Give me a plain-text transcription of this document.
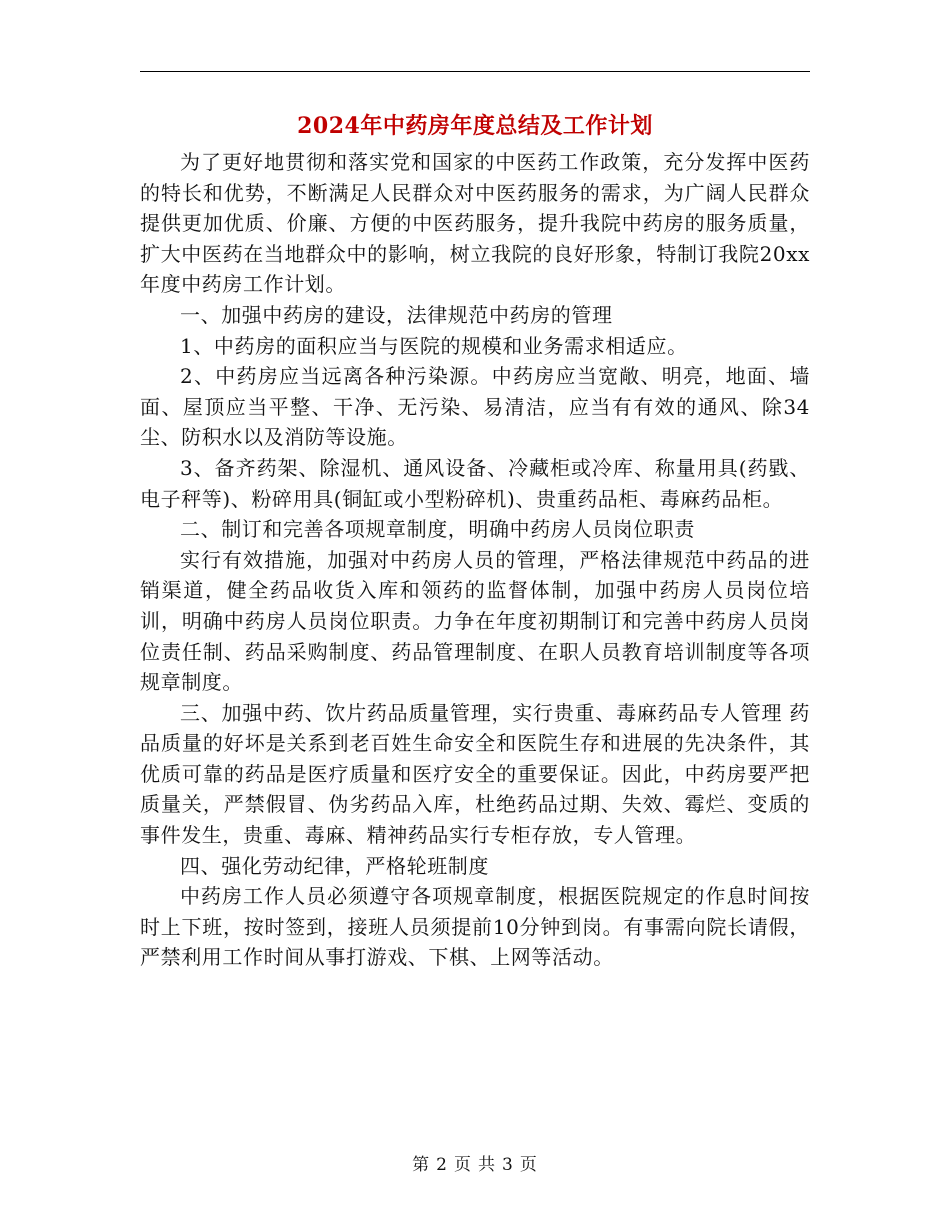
2024年中药房年度总结及工作计划

为了更好地贯彻和落实党和国家的中医药工作政策，充分发挥中医药的特长和优势，不断满足人民群众对中医药服务的需求，为广阔人民群众提供更加优质、价廉、方便的中医药服务，提升我院中药房的服务质量，扩大中医药在当地群众中的影响，树立我院的良好形象，特制订我院20xx年度中药房工作计划。

一、加强中药房的建设，法律规范中药房的管理

1、中药房的面积应当与医院的规模和业务需求相适应。

2、中药房应当远离各种污染源。中药房应当宽敞、明亮，地面、墙面、屋顶应当平整、干净、无污染、易清洁，应当有有效的通风、除34尘、防积水以及消防等设施。

3、备齐药架、除湿机、通风设备、冷藏柜或冷库、称量用具(药戥、电子秤等)、粉碎用具(铜缸或小型粉碎机)、贵重药品柜、毒麻药品柜。

二、制订和完善各项规章制度，明确中药房人员岗位职责

实行有效措施，加强对中药房人员的管理，严格法律规范中药品的进销渠道，健全药品收货入库和领药的监督体制，加强中药房人员岗位培训，明确中药房人员岗位职责。力争在年度初期制订和完善中药房人员岗位责任制、药品采购制度、药品管理制度、在职人员教育培训制度等各项规章制度。

三、加强中药、饮片药品质量管理，实行贵重、毒麻药品专人管理 药品质量的好坏是关系到老百姓生命安全和医院生存和进展的先决条件，其优质可靠的药品是医疗质量和医疗安全的重要保证。因此，中药房要严把质量关，严禁假冒、伪劣药品入库，杜绝药品过期、失效、霉烂、变质的事件发生，贵重、毒麻、精神药品实行专柜存放，专人管理。

四、强化劳动纪律，严格轮班制度

中药房工作人员必须遵守各项规章制度，根据医院规定的作息时间按时上下班，按时签到，接班人员须提前10分钟到岗。有事需向院长请假，严禁利用工作时间从事打游戏、下棋、上网等活动。

第 2 页 共 3 页
